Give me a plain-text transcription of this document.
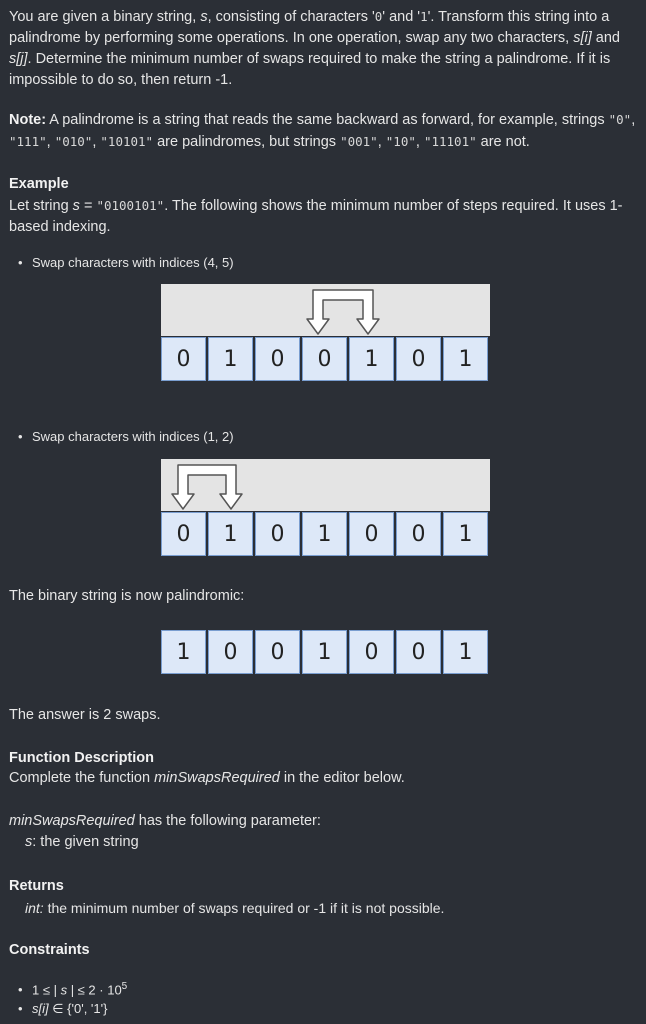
You are given a binary string, s, consisting of characters '0' and '1'. Transform this string into a palindrome by performing some operations. In one operation, swap any two characters, s[i] and s[j]. Determine the minimum number of swaps required to make the string a palindrome. If it is impossible to do so, then return -1.

Note: A palindrome is a string that reads the same backward as forward, for example, strings "0", "111", "010", "10101" are palindromes, but strings "001", "10", "11101" are not.

Example

Let string s = "0100101". The following shows the minimum number of steps required. It uses 1-based indexing.

• Swap characters with indices (4, 5)
0	1	0	0	1	0	1
• Swap characters with indices (1, 2)
0	1	0	1	0	0	1

The binary string is now palindromic:

1	0	0	1	0	0	1

The answer is 2 swaps.

Function Description

Complete the function minSwapsRequired in the editor below.

minSwapsRequired has the following parameter:

s: the given string

Returns

int: the minimum number of swaps required or -1 if it is not possible.

Constraints

• 1 ≤ | s | ≤ $2 \cdot 10^5$
• s[i] ∈ {'0', '1'}
